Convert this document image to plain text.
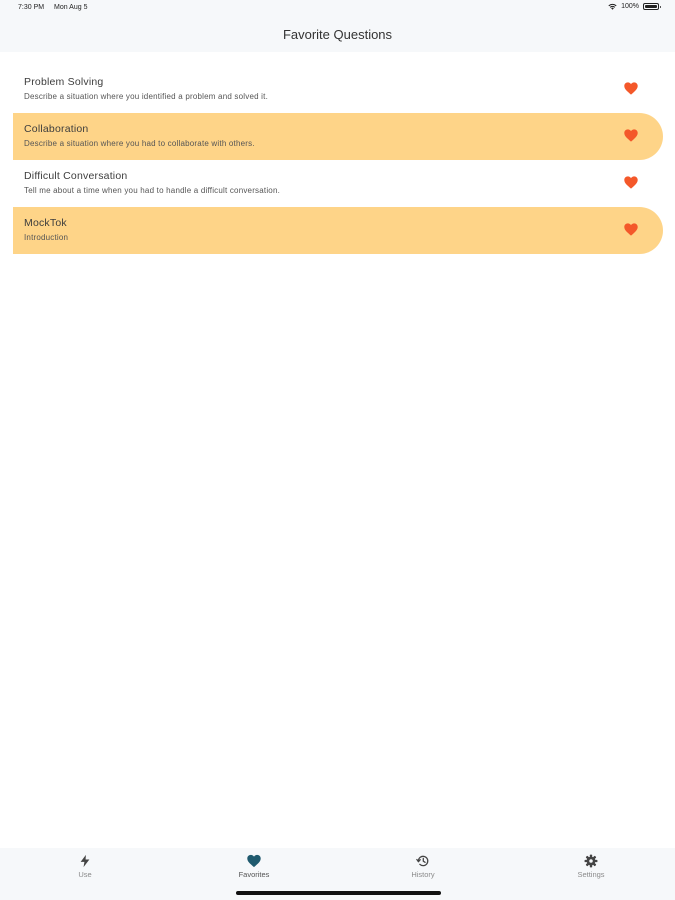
7:30 PM Mon Aug 5	100%
Favorite Questions
Problem Solving
Describe a situation where you identified a problem and solved it.
Collaboration
Describe a situation where you had to collaborate with others.
Difficult Conversation
Tell me about a time when you had to handle a difficult conversation.
MockTok
Introduction
Use	Favorites	History	Settings
